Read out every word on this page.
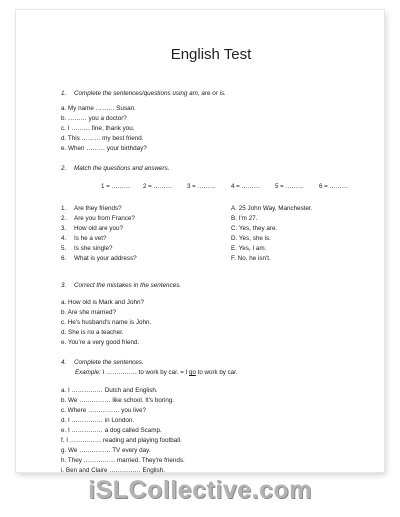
English Test
1. Complete the sentences/questions using am, are or is.
a. My name ……… Susan.
b. ……… you a doctor?
c. I ……… fine, thank you.
d. This ……… my best friend.
e. When ……… your birthday?
2. Match the questions and answers.
1 = ……… 2 = ……… 3 = ……… 4 = ……… 5 = ……… 6 = ………
1. Are they friends?
2. Are you from France?
3. How old are you?
4. Is he a vet?
5. Is she single?
6. What is your address?
A. 25 John Way, Manchester.
B. I'm 27.
C. Yes, they are.
D. Yes, she is.
E. Yes, I am.
F. No, he isn't.
3. Correct the mistakes in the sentences.
a. How old is Mark and John?
b. Are she married?
c. He's husband's name is John.
d. She is no a teacher.
e. You're a very good friend.
4. Complete the sentences.
Example: I …………… to work by car. = I go to work by car.
a. I …………… Dutch and English.
b. We …………… like school. It's boring.
c. Where …………… you live?
d. I …………… in London.
e. I …………… a dog called Scamp.
f. I …………… reading and playing football.
g. We …………… TV every day.
h. They …………… married. They're friends.
i. Ben and Claire …………… English.
iSLCollective.com
